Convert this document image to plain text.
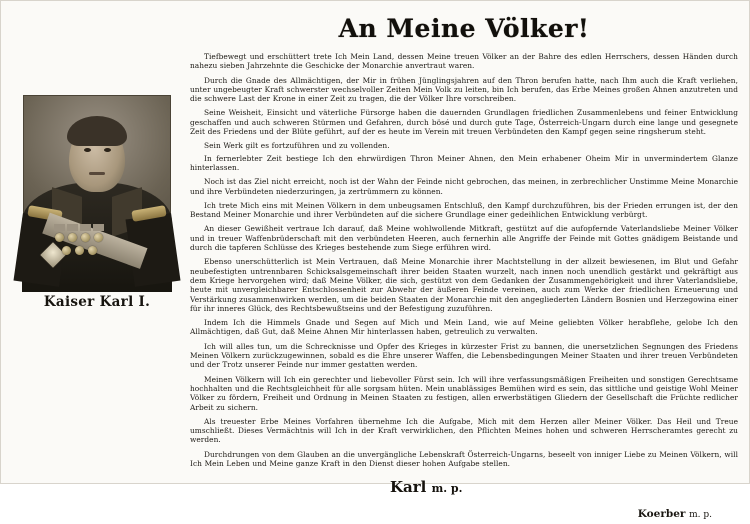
Kaiser Karl I.
An Meine Völker!

Tiefbewegt und erschüttert trete Ich Mein Land, dessen Meine treuen Völker an der Bahre des edlen Herrschers, dessen Händen durch nahezu sieben Jahrzehnte die Geschicke der Monarchie anvertraut waren.

Durch die Gnade des Allmächtigen, der Mir in frühen Jünglingsjahren auf den Thron berufen hatte, nach Ihm auch die Kraft verliehen, unter ungebeugter Kraft schwerster wechselvoller Zeiten Mein Volk zu leiten, bin Ich berufen, das Erbe Meines großen Ahnen anzutreten und die schwere Last der Krone in einer Zeit zu tragen, die der Völker Ihre vorschreiben.

Seine Weisheit, Einsicht und väterliche Fürsorge haben die dauernden Grundlagen friedlichen Zusammenlebens und feiner Entwicklung geschaffen und auch schweren Stürmen und Gefahren, durch bösé und durch gute Tage, Österreich-Ungarn durch eine lange und gesegnete Zeit des Friedens und der Blüte geführt, auf der es heute im Verein mit treuen Verbündeten den Kampf gegen seine ringsherum steht.

Sein Werk gilt es fortzuführen und zu vollenden.

In fernerlebter Zeit bestiege Ich den ehrwürdigen Thron Meiner Ahnen, den Mein erhabener Oheim Mir in unvermindertem Glanze hinterlassen.

Noch ist das Ziel nicht erreicht, noch ist der Wahn der Feinde nicht gebrochen, das meinen, in zerbrechlicher Unstimme Meine Monarchie und ihre Verbündeten niederzuringen, ja zertrümmern zu können.

Ich trete Mich eins mit Meinen Völkern in dem unbeugsamen Entschluß, den Kampf durchzuführen, bis der Frieden errungen ist, der den Bestand Meiner Monarchie und ihrer Verbündeten auf die sichere Grundlage einer gedeihlichen Entwicklung verbürgt.

An dieser Gewißheit vertraue Ich darauf, daß Meine wohlwollende Mitkraft, gestützt auf die aufopfernde Vaterlandsliebe Meiner Völker und in treuer Waffenbrüderschaft mit den verbündeten Heeren, auch fernerhin alle Angriffe der Feinde mit Gottes gnädigem Beistande und durch die tapferen Schlüsse des Krieges bestehende zum Siege erführen wird.

Ebenso unerschütterlich ist Mein Vertrauen, daß Meine Monarchie ihrer Machtstellung in der allzeit bewiesenen, im Blut und Gefahr neubefestigten untrennbaren Schicksalsgemeinschaft ihrer beiden Staaten wurzelt, nach innen noch unendlich gestärkt und gekräftigt aus dem Kriege hervorgehen wird; daß Meine Völker, die sich, gestützt von dem Gedanken der Zusammengehörigkeit und ihrer Vaterlandsliebe, heute mit unvergleichbarer Entschlossenheit zur Abwehr der äußeren Feinde vereinen, auch zum Werke der friedlichen Erneuerung und Verstärkung zusammenwirken werden, um die beiden Staaten der Monarchie mit den angegliederten Ländern Bosnien und Herzegowina einer für ihr inneres Glück, des Rechtsbewußtseins und der Befestigung zuzuführen.

Indem Ich die Himmels Gnade und Segen auf Mich und Mein Land, wie auf Meine geliebten Völker herabflehe, gelobe Ich den Allmächtigen, daß Gut, daß Meine Ahnen Mir hinterlassen haben, getreulich zu verwalten.

Ich will alles tun, um die Schrecknisse und Opfer des Krieges in kürzester Frist zu bannen, die unersetzlichen Segnungen des Friedens Meinen Völkern zurückzugewinnen, sobald es die Ehre unserer Waffen, die Lebensbedingungen Meiner Staaten und ihrer treuen Verbündeten und der Trotz unserer Feinde nur immer gestatten werden.

Meinen Völkern will Ich ein gerechter und liebevoller Fürst sein. Ich will ihre verfassungsmäßigen Freiheiten und sonstigen Gerechtsame hochhalten und die Rechtsgleichheit für alle sorgsam hüten. Mein unablässiges Bemühen wird es sein, das sittliche und geistige Wohl Meiner Völker zu fördern, Freiheit und Ordnung in Meinen Staaten zu festigen, allen erwerbstätigen Gliedern der Gesellschaft die Früchte redlicher Arbeit zu sichern.

Als treuester Erbe Meines Vorfahren übernehme Ich die Aufgabe, Mich mit dem Herzen aller Meiner Völker. Das Heil und Treue umschließt. Dieses Vermächtnis will Ich in der Kraft verwirklichen, den Pflichten Meines hohen und schweren Herrscheramtes gerecht zu werden.

Durchdrungen von dem Glauben an die unvergängliche Lebenskraft Österreich-Ungarns, beseelt von inniger Liebe zu Meinen Völkern, will Ich Mein Leben und Meine ganze Kraft in den Dienst dieser hohen Aufgabe stellen.

Karl m. p.
Koerber m. p.
